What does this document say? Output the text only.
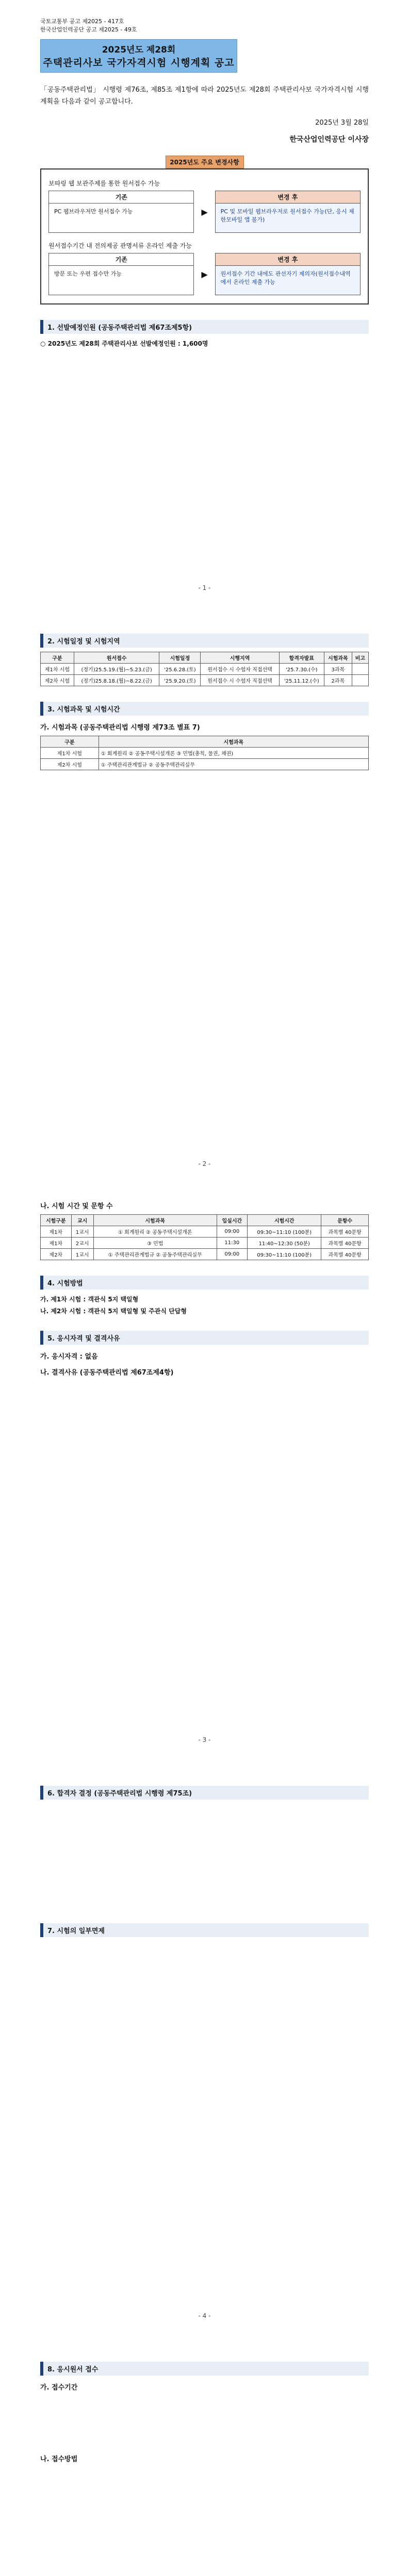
국토교통부 공고 제2025 - 417호
한국산업인력공단 공고 제2025 - 49호
2025년도 제28회
주택관리사보 국가자격시험 시행계획 공고
「공동주택관리법」 시행령 제76조, 제85조 제1항에 따라 2025년도 제28회 주택관리사보 국가자격시험 시행계획을 다음과 같이 공고합니다.
2025년 3월 28일
한국산업인력공단 이사장
2025년도 주요 변경사항
보따링 웹 보관주제를 통한 원서접수 가능
기존
PC 웹브라우저만 원서접수 가능	▶
변경 후
PC 및 모바일 웹브라우저로 원서접수 가능(단, 응시 제한모바일 앱 불가)
원서접수기간 내 전의제공 관명서류 온라인 제출 가능
기존
방문 또는 우편 접수만 가능	▶
변경 후
원서접수 기간 내에도 관선자기 제의자(원서접수내역에서 온라인 제출 가능
1. 선발예정인원 (공동주택관리법 제67조제5항)
○ 2025년도 제28회 주택관리사보 선발예정인원 : 1,600명
- 1 -
2. 시험일정 및 시험지역
구분	원서접수	시험일정	시행지역	합격자발표	시험과목	비고
제1차 시험	(정기)25.5.19.(월)~5.23.(금)	'25.6.28.(토)	원서접수 시 수험자 직접선택	'25.7.30.(수)	3과목	
제2차 시험	(정기)25.8.18.(월)~8.22.(금)	'25.9.20.(토)	원서접수 시 수험자 직접선택	'25.11.12.(수)	2과목	
3. 시험과목 및 시험시간
가. 시험과목 (공동주택관리법 시행령 제73조 별표 7)
구분	시험과목
제1차 시험	① 회계원리 ② 공동주택시설개론 ③ 민법(총칙, 물권, 채권)
제2차 시험	① 주택관리관계법규 ② 공동주택관리실무
- 2 -
나. 시험 시간 및 문항 수
시험구분	교시	시험과목	입실시간	시험시간	문항수
제1차	1교시	① 회계원리 ② 공동주택시설개론	09:00	09:30~11:10 (100분)	과목별 40문항
제1차	2교시	③ 민법	11:30	11:40~12:30 (50분)	과목별 40문항
제2차	1교시	① 주택관리관계법규 ② 공동주택관리실무	09:00	09:30~11:10 (100분)	과목별 40문항
4. 시험방법
가. 제1차 시험 : 객관식 5지 택일형
나. 제2차 시험 : 객관식 5지 택일형 및 주관식 단답형
5. 응시자격 및 결격사유
가. 응시자격 : 없음
나. 결격사유 (공동주택관리법 제67조제4항)
- 3 -
6. 합격자 결정 (공동주택관리법 시행령 제75조)
7. 시험의 일부면제
- 4 -
8. 응시원서 접수
가. 접수기간
나. 접수방법
